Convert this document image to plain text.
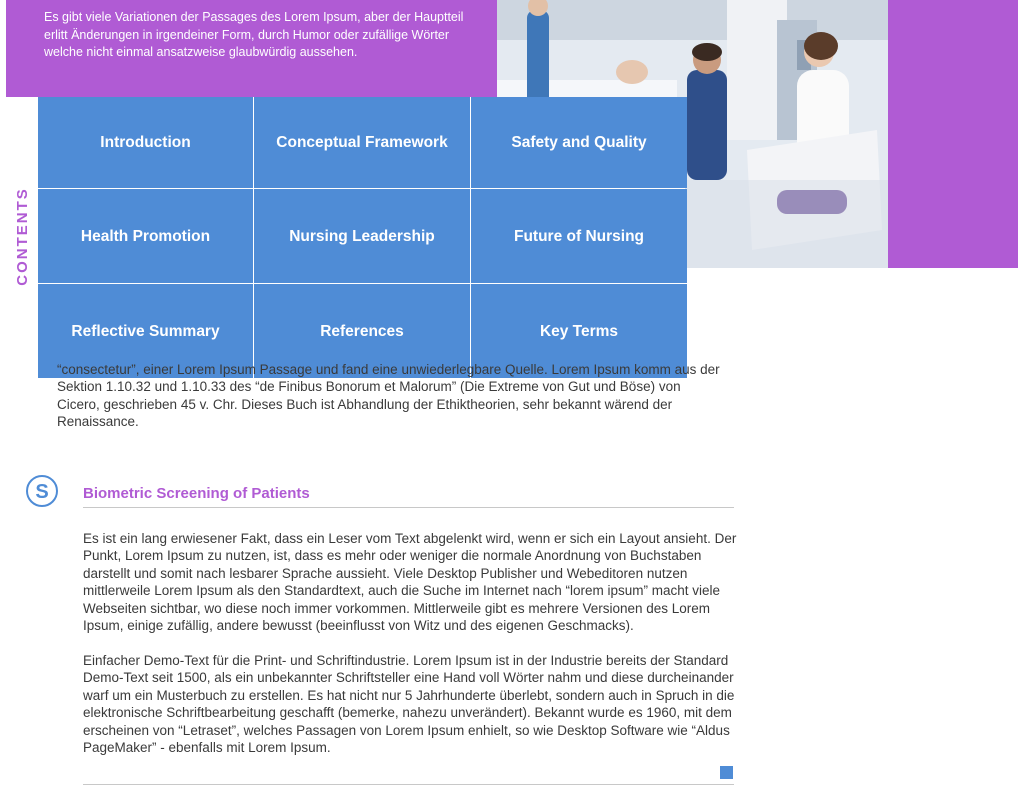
Es gibt viele Variationen der Passages des Lorem Ipsum, aber der Hauptteil erlitt Änderungen in irgendeiner Form, durch Humor oder zufällige Wörter welche nicht einmal ansatzweise glaubwürdig aussehen.
CONTENTS
Introduction	Conceptual Framework	Safety and Quality
Health Promotion	Nursing Leadership	Future of Nursing
Reflective Summary	References	Key Terms
“consectetur”, einer Lorem Ipsum Passage und fand eine unwiederlegbare Quelle. Lorem Ipsum komm aus der Sektion 1.10.32 und 1.10.33 des “de Finibus Bonorum et Malorum” (Die Extreme von Gut und Böse) von Cicero, geschrieben 45 v. Chr. Dieses Buch ist Abhandlung der Ethiktheorien, sehr bekannt wärend der Renaissance.
S Biometric Screening of Patients
Es ist ein lang erwiesener Fakt, dass ein Leser vom Text abgelenkt wird, wenn er sich ein Layout ansieht. Der Punkt, Lorem Ipsum zu nutzen, ist, dass es mehr oder weniger die normale Anordnung von Buchstaben darstellt und somit nach lesbarer Sprache aussieht. Viele Desktop Publisher und Webeditoren nutzen mittlerweile Lorem Ipsum als den Standardtext, auch die Suche im Internet nach “lorem ipsum” macht viele Webseiten sichtbar, wo diese noch immer vorkommen. Mittlerweile gibt es mehrere Versionen des Lorem Ipsum, einige zufällig, andere bewusst (beeinflusst von Witz und des eigenen Geschmacks).
Einfacher Demo-Text für die Print- und Schriftindustrie. Lorem Ipsum ist in der Industrie bereits der Standard Demo-Text seit 1500, als ein unbekannter Schriftsteller eine Hand voll Wörter nahm und diese durcheinander warf um ein Musterbuch zu erstellen. Es hat nicht nur 5 Jahrhunderte überlebt, sondern auch in Spruch in die elektronische Schriftbearbeitung geschafft (bemerke, nahezu unverändert). Bekannt wurde es 1960, mit dem erscheinen von “Letraset”, welches Passagen von Lorem Ipsum enhielt, so wie Desktop Software wie “Aldus PageMaker” - ebenfalls mit Lorem Ipsum.
